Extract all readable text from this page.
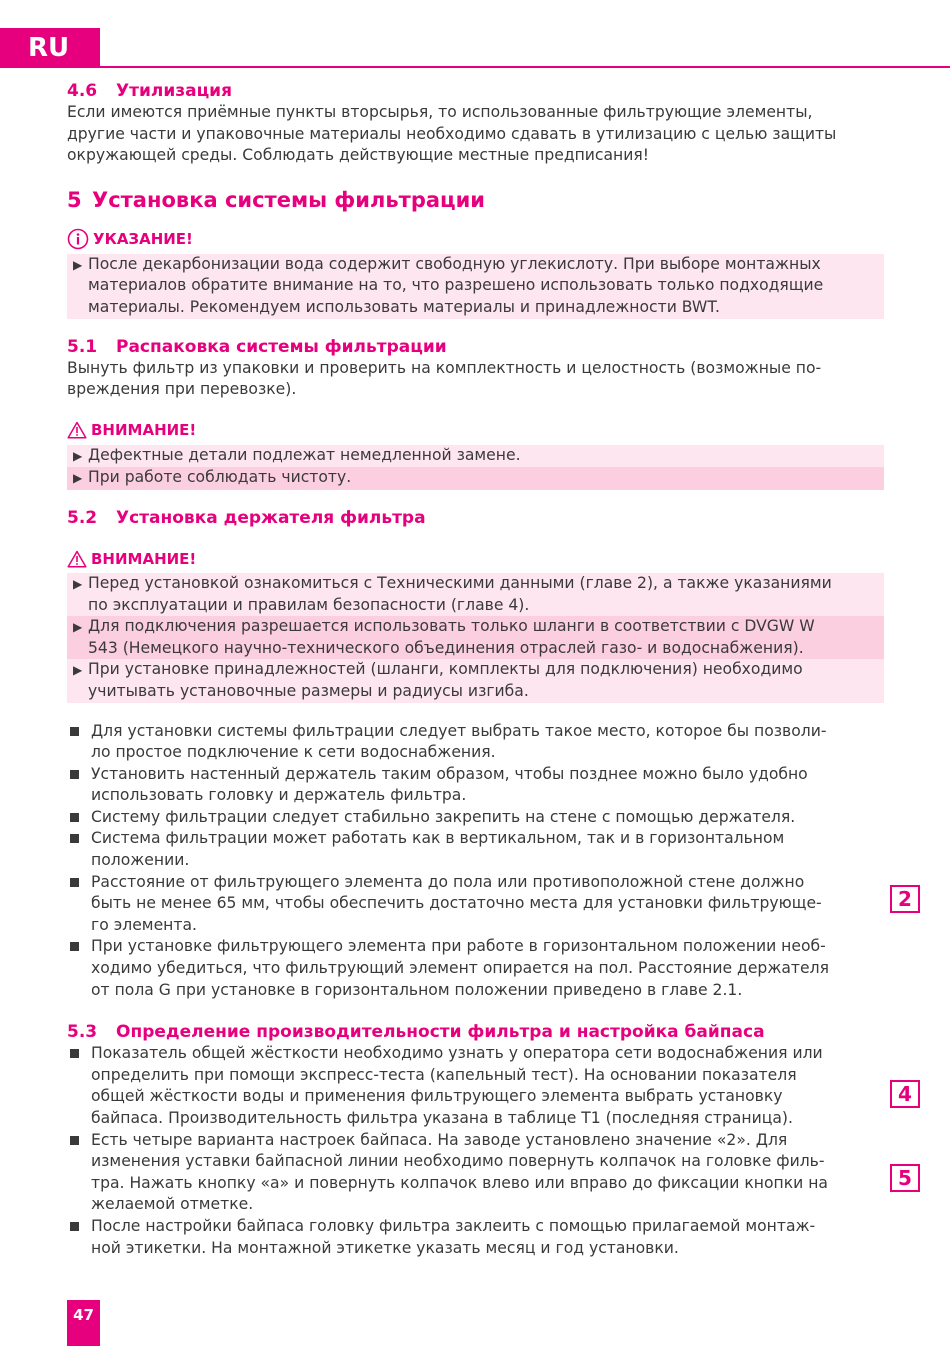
RU
4.6 Утилизация

Если имеются приёмные пункты вторсырья, то использованные фильтрующие элементы,
другие части и упаковочные материалы необходимо сдавать в утилизацию с целью защиты
окружающей среды. Соблюдать действующие местные предписания!

5 Установка системы фильтрации
УКАЗАНИЕ!
▶
После декарбонизации вода содержит свободную углекислоту. При выборе монтажных
материалов обратите внимание на то, что разрешено использовать только подходящие
материалы. Рекомендуем использовать материалы и принадлежности BWT.
5.1 Распаковка системы фильтрации

Вынуть фильтр из упаковки и проверить на комплектность и целостность (возможные по-
вреждения при перевозке).

ВНИМАНИЕ!
▶
Дефектные детали подлежат немедленной замене.
▶
При работе соблюдать чистоту.
5.2 Установка держателя фильтра
ВНИМАНИЕ!
▶
Перед установкой ознакомиться с Техническими данными (главе 2), а также указаниями
по эксплуатации и правилам безопасности (главе 4).
▶
Для подключения разрешается использовать только шланги в соответствии с DVGW W
543 (Немецкого научно-технического объединения отраслей газо- и водоснабжения).
▶
При установке принадлежностей (шланги, комплекты для подключения) необходимо
учитывать установочные размеры и радиусы изгиба.
Для установки системы фильтрации следует выбрать такое место, которое бы позволи-
ло простое подключение к сети водоснабжения.
Установить настенный держатель таким образом, чтобы позднее можно было удобно
использовать головку и держатель фильтра.
Систему фильтрации следует стабильно закрепить на стене с помощью держателя.
Система фильтрации может работать как в вертикальном, так и в горизонтальном
положении.
Расстояние от фильтрующего элемента до пола или противоположной стене должно
быть не менее 65 мм, чтобы обеспечить достаточно места для установки фильтрующе-
го элемента.
При установке фильтрующего элемента при работе в горизонтальном положении необ-
ходимо убедиться, что фильтрующий элемент опирается на пол. Расстояние держателя
от пола G при установке в горизонтальном положении приведено в главе 2.1.
5.3 Определение производительности фильтра и настройка байпаса
Показатель общей жёсткости необходимо узнать у оператора сети водоснабжения или
определить при помощи экспресс-теста (капельный тест). На основании показателя
общей жёсткости воды и применения фильтрующего элемента выбрать установку
байпаса. Производительность фильтра указана в таблице T1 (последняя страница).
Есть четыре варианта настроек байпаса. На заводе установлено значение «2». Для
изменения уставки байпасной линии необходимо повернуть колпачок на головке филь-
тра. Нажать кнопку «a» и повернуть колпачок влево или вправо до фиксации кнопки на
желаемой отметке.
После настройки байпаса головку фильтра заклеить с помощью прилагаемой монтаж-
ной этикетки. На монтажной этикетке указать месяц и год установки.
2
4
5
47
